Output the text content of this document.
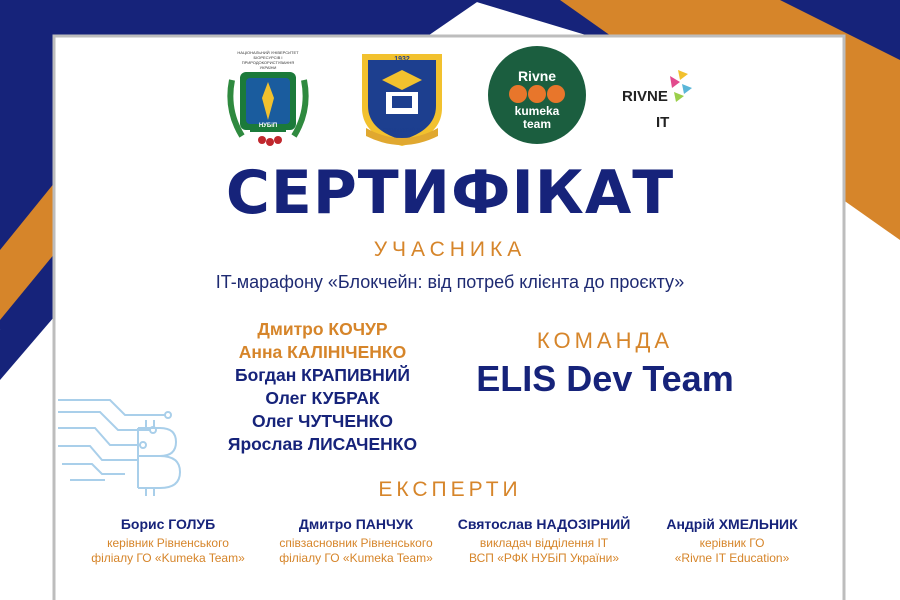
НАЦІОНАЛЬНИЙ УНІВЕРСИТЕТ БІОРЕСУРСІВ І ПРИРОДОКОРИСТУВАННЯ УКРАЇНИ
НУБіП
1932
НУБіП УКРАЇНИ
Rivne
kumeka
team
RIVNE
IT
СЕРТИФІКАТ
УЧАСНИКА
IT-марафону «Блокчейн: від потреб клієнта до проєкту»
Дмитро КОЧУР
Анна КАЛІНІЧЕНКО
Богдан КРАПИВНИЙ
Олег КУБРАК
Олег ЧУТЧЕНКО
Ярослав ЛИСАЧЕНКО
КОМАНДА
ELIS Dev Team
ЕКСПЕРТИ
Борис ГОЛУБ
керівник Рівненського
філіалу ГО «Kumeka Team»
Дмитро ПАНЧУК
співзасновник Рівненського
філіалу ГО «Kumeka Team»
Святослав НАДОЗІРНИЙ
викладач відділення ІТ
ВСП «РФК НУБіП України»
Андрій ХМЕЛЬНИК
керівник ГО
«Rivne IT Education»
